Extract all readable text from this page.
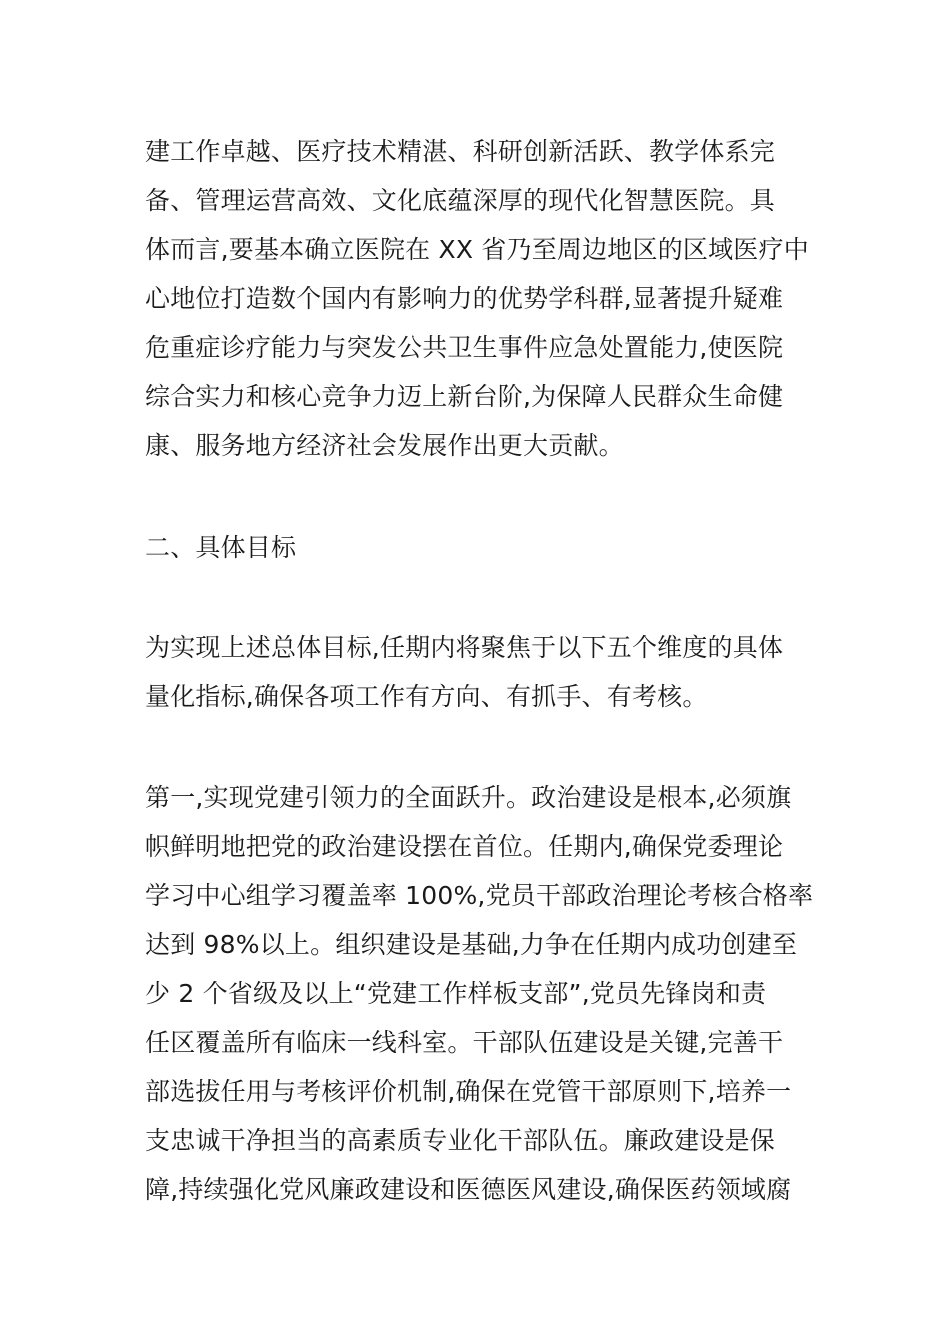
建工作卓越、医疗技术精湛、科研创新活跃、教学体系完
备、管理运营高效、文化底蕴深厚的现代化智慧医院。具
体而言,要基本确立医院在 XX 省乃至周边地区的区域医疗中
心地位打造数个国内有影响力的优势学科群,显著提升疑难
危重症诊疗能力与突发公共卫生事件应急处置能力,使医院
综合实力和核心竞争力迈上新台阶,为保障人民群众生命健
康、服务地方经济社会发展作出更大贡献。
二、具体目标
为实现上述总体目标,任期内将聚焦于以下五个维度的具体
量化指标,确保各项工作有方向、有抓手、有考核。
第一,实现党建引领力的全面跃升。政治建设是根本,必须旗
帜鲜明地把党的政治建设摆在首位。任期内,确保党委理论
学习中心组学习覆盖率 100%,党员干部政治理论考核合格率
达到 98%以上。组织建设是基础,力争在任期内成功创建至
少 2 个省级及以上“党建工作样板支部”,党员先锋岗和责
任区覆盖所有临床一线科室。干部队伍建设是关键,完善干
部选拔任用与考核评价机制,确保在党管干部原则下,培养一
支忠诚干净担当的高素质专业化干部队伍。廉政建设是保
障,持续强化党风廉政建设和医德医风建设,确保医药领域腐
